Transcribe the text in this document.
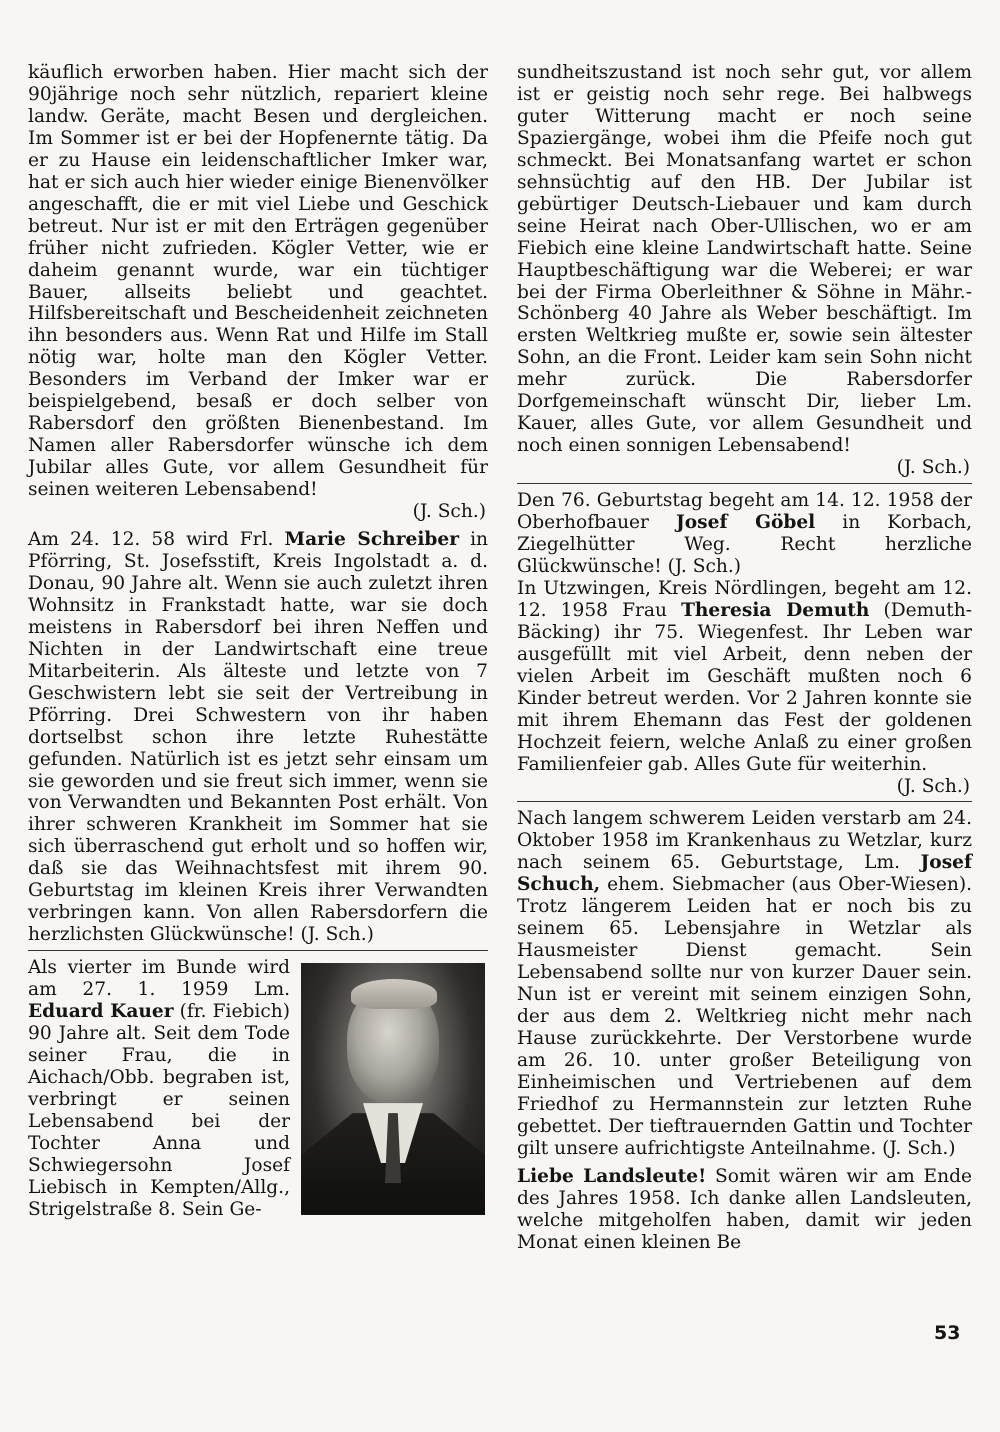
käuflich erworben haben. Hier macht sich der 90jährige noch sehr nützlich, repariert kleine landw. Geräte, macht Besen und dergleichen. Im Sommer ist er bei der Hopfenernte tätig. Da er zu Hause ein leidenschaftlicher Imker war, hat er sich auch hier wieder einige Bienenvölker angeschafft, die er mit viel Liebe und Geschick betreut. Nur ist er mit den Erträgen gegenüber früher nicht zufrieden. Kögler Vetter, wie er daheim genannt wurde, war ein tüchtiger Bauer, allseits beliebt und geachtet. Hilfsbereitschaft und Bescheidenheit zeichneten ihn besonders aus. Wenn Rat und Hilfe im Stall nötig war, holte man den Kögler Vetter. Besonders im Verband der Imker war er beispielgebend, besaß er doch selber von Rabersdorf den größten Bienenbestand. Im Namen aller Rabersdorfer wünsche ich dem Jubilar alles Gute, vor allem Gesundheit für seinen weiteren Lebensabend!

(J. Sch.)

Am 24. 12. 58 wird Frl. Marie Schreiber in Pförring, St. Josefsstift, Kreis Ingolstadt a. d. Donau, 90 Jahre alt. Wenn sie auch zuletzt ihren Wohnsitz in Frankstadt hatte, war sie doch meistens in Rabersdorf bei ihren Neffen und Nichten in der Landwirtschaft eine treue Mitarbeiterin. Als älteste und letzte von 7 Geschwistern lebt sie seit der Vertreibung in Pförring. Drei Schwestern von ihr haben dortselbst schon ihre letzte Ruhestätte gefunden. Natürlich ist es jetzt sehr einsam um sie geworden und sie freut sich immer, wenn sie von Verwandten und Bekannten Post erhält. Von ihrer schweren Krankheit im Sommer hat sie sich überraschend gut erholt und so hoffen wir, daß sie das Weihnachtsfest mit ihrem 90. Geburtstag im kleinen Kreis ihrer Verwandten verbringen kann. Von allen Rabersdorfern die herzlichsten Glückwünsche! (J. Sch.)

Als vierter im Bunde wird am 27. 1. 1959 Lm. Eduard Kauer (fr. Fiebich) 90 Jahre alt. Seit dem Tode seiner Frau, die in Aichach/Obb. begraben ist, verbringt er seinen Lebensabend bei der Tochter Anna und Schwiegersohn Josef Liebisch in Kempten/Allg., Strigelstraße 8. Sein Ge-

sundheitszustand ist noch sehr gut, vor allem ist er geistig noch sehr rege. Bei halbwegs guter Witterung macht er noch seine Spaziergänge, wobei ihm die Pfeife noch gut schmeckt. Bei Monatsanfang wartet er schon sehnsüchtig auf den HB. Der Jubilar ist gebürtiger Deutsch-Liebauer und kam durch seine Heirat nach Ober-Ullischen, wo er am Fiebich eine kleine Landwirtschaft hatte. Seine Hauptbeschäftigung war die Weberei; er war bei der Firma Oberleithner & Söhne in Mähr.-Schönberg 40 Jahre als Weber beschäftigt. Im ersten Weltkrieg mußte er, sowie sein ältester Sohn, an die Front. Leider kam sein Sohn nicht mehr zurück. Die Rabersdorfer Dorfgemeinschaft wünscht Dir, lieber Lm. Kauer, alles Gute, vor allem Gesundheit und noch einen sonnigen Lebensabend!

(J. Sch.)

Den 76. Geburtstag begeht am 14. 12. 1958 der Oberhofbauer Josef Göbel in Korbach, Ziegelhütter Weg. Recht herzliche Glückwünsche! (J. Sch.)

In Utzwingen, Kreis Nördlingen, begeht am 12. 12. 1958 Frau Theresia Demuth (Demuth-Bäcking) ihr 75. Wiegenfest. Ihr Leben war ausgefüllt mit viel Arbeit, denn neben der vielen Arbeit im Geschäft mußten noch 6 Kinder betreut werden. Vor 2 Jahren konnte sie mit ihrem Ehemann das Fest der goldenen Hochzeit feiern, welche Anlaß zu einer großen Familienfeier gab. Alles Gute für weiterhin.

(J. Sch.)

Nach langem schwerem Leiden verstarb am 24. Oktober 1958 im Krankenhaus zu Wetzlar, kurz nach seinem 65. Geburtstage, Lm. Josef Schuch, ehem. Siebmacher (aus Ober-Wiesen). Trotz längerem Leiden hat er noch bis zu seinem 65. Lebensjahre in Wetzlar als Hausmeister Dienst gemacht. Sein Lebensabend sollte nur von kurzer Dauer sein. Nun ist er vereint mit seinem einzigen Sohn, der aus dem 2. Weltkrieg nicht mehr nach Hause zurückkehrte. Der Verstorbene wurde am 26. 10. unter großer Beteiligung von Einheimischen und Vertriebenen auf dem Friedhof zu Hermannstein zur letzten Ruhe gebettet. Der tieftrauernden Gattin und Tochter gilt unsere aufrichtigste Anteilnahme. (J. Sch.)

Liebe Landsleute! Somit wären wir am Ende des Jahres 1958. Ich danke allen Landsleuten, welche mitgeholfen haben, damit wir jeden Monat einen kleinen Be

53
